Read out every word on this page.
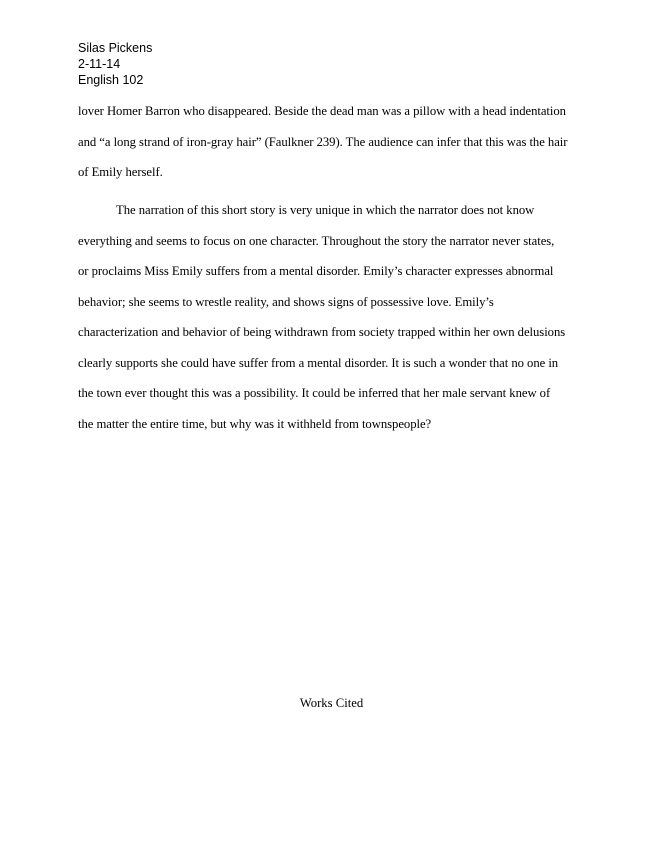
Silas Pickens
2-11-14
English 102
lover Homer Barron who disappeared. Beside the dead man was a pillow with a head indentation
and “a long strand of iron-gray hair” (Faulkner 239). The audience can infer that this was the hair
of Emily herself.
The narration of this short story is very unique in which the narrator does not know
everything and seems to focus on one character. Throughout the story the narrator never states,
or proclaims Miss Emily suffers from a mental disorder. Emily’s character expresses abnormal
behavior; she seems to wrestle reality, and shows signs of possessive love. Emily’s
characterization and behavior of being withdrawn from society trapped within her own delusions
clearly supports she could have suffer from a mental disorder. It is such a wonder that no one in
the town ever thought this was a possibility. It could be inferred that her male servant knew of
the matter the entire time, but why was it withheld from townspeople?
Works Cited
